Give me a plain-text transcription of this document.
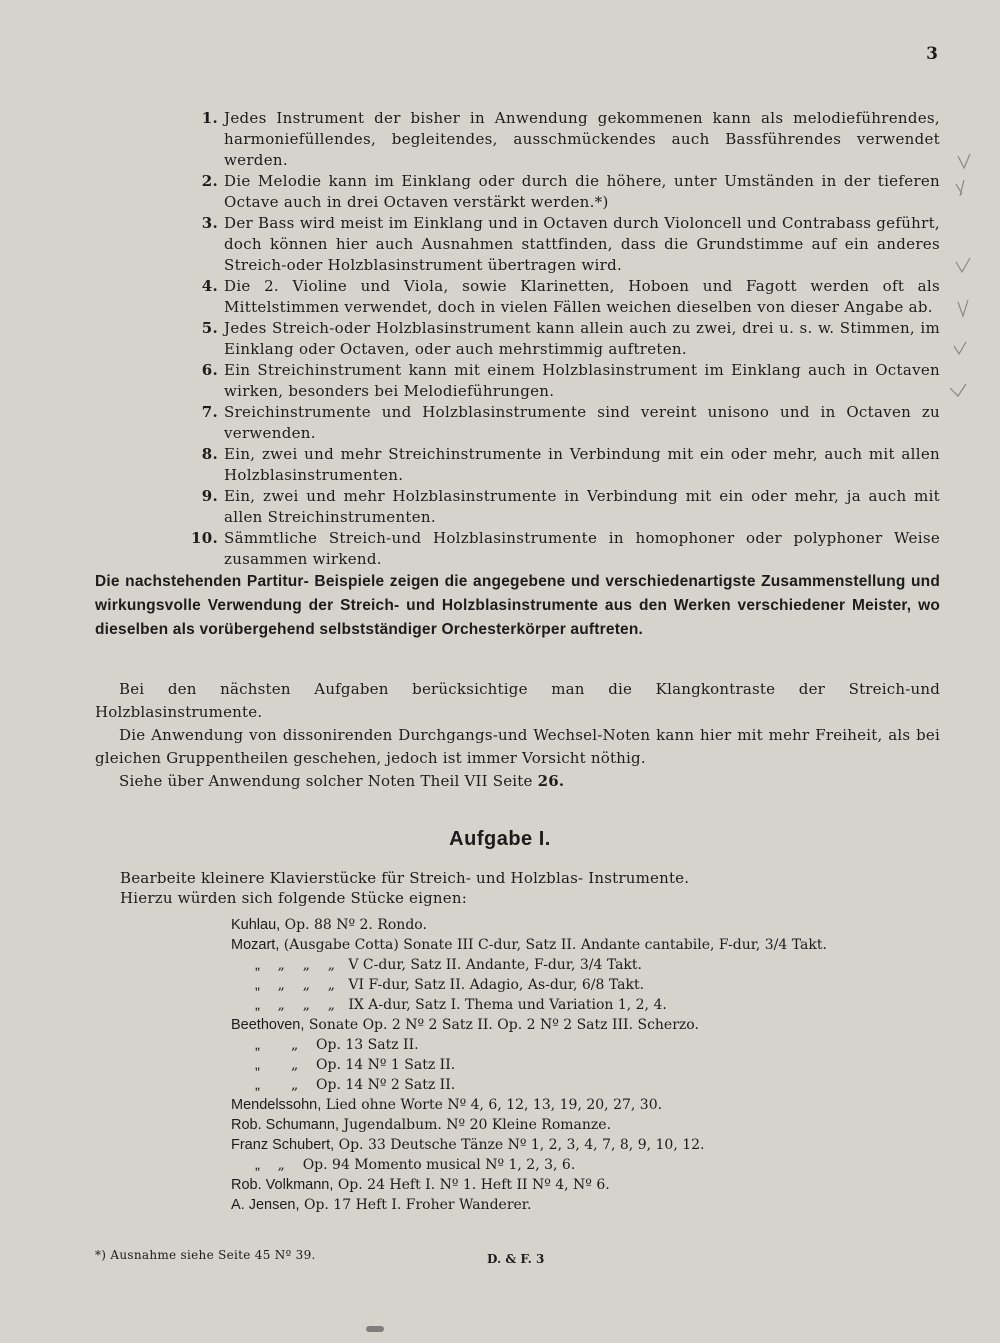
3
1. Jedes Instrument der bisher in Anwendung gekommenen kann als melodieführendes, harmoniefüllendes, begleitendes, ausschmückendes auch Bassführendes verwendet werden.
2. Die Melodie kann im Einklang oder durch die höhere, unter Umständen in der tieferen Octave auch in drei Octaven verstärkt werden.*)
3. Der Bass wird meist im Einklang und in Octaven durch Violoncell und Contrabass geführt, doch können hier auch Ausnahmen stattfinden, dass die Grundstimme auf ein anderes Streich-oder Holzblasinstrument übertragen wird.
4. Die 2. Violine und Viola, sowie Klarinetten, Hoboen und Fagott werden oft als Mittelstimmen verwendet, doch in vielen Fällen weichen dieselben von dieser Angabe ab.
5. Jedes Streich-oder Holzblasinstrument kann allein auch zu zwei, drei u. s. w. Stimmen, im Einklang oder Octaven, oder auch mehrstimmig auftreten.
6. Ein Streichinstrument kann mit einem Holzblasinstrument im Einklang auch in Octaven wirken, besonders bei Melodieführungen.
7. Sreichinstrumente und Holzblasinstrumente sind vereint unisono und in Octaven zu verwenden.
8. Ein, zwei und mehr Streichinstrumente in Verbindung mit ein oder mehr, auch mit allen Holzblasinstrumenten.
9. Ein, zwei und mehr Holzblasinstrumente in Verbindung mit ein oder mehr, ja auch mit allen Streichinstrumenten.
10. Sämmtliche Streich-und Holzblasinstrumente in homophoner oder polyphoner Weise zusammen wirkend.

Die nachstehenden Partitur- Beispiele zeigen die angegebene und verschiedenartigste Zusammenstellung und wirkungsvolle Verwendung der Streich- und Holzblasinstrumente aus den Werken verschiedener Meister, wo dieselben als vorübergehend selbstständiger Orchesterkörper auftreten.

Bei den nächsten Aufgaben berücksichtige man die Klangkontraste der Streich-und Holzblasinstrumente.

Die Anwendung von dissonirenden Durchgangs-und Wechsel-Noten kann hier mit mehr Freiheit, als bei gleichen Gruppentheilen geschehen, jedoch ist immer Vorsicht nöthig.

Siehe über Anwendung solcher Noten Theil VII Seite 26.

Aufgabe I.
Bearbeite kleinere Klavierstücke für Streich- und Holzblas- Instrumente.
Hierzu würden sich folgende Stücke eignen:
Kuhlau, Op. 88 Nº 2. Rondo.
Mozart, (Ausgabe Cotta) Sonate III C-dur, Satz II. Andante cantabile, F-dur, 3/4 Takt.
„    „    „    „   V C-dur, Satz II. Andante, F-dur, 3/4 Takt.
„    „    „    „   VI F-dur, Satz II. Adagio, As-dur, 6/8 Takt.
„    „    „    „   IX A-dur, Satz I. Thema und Variation 1, 2, 4.
Beethoven, Sonate Op. 2 Nº 2 Satz II. Op. 2 Nº 2 Satz III. Scherzo.
„       „    Op. 13 Satz II.
„       „    Op. 14 Nº 1 Satz II.
„       „    Op. 14 Nº 2 Satz II.
Mendelssohn, Lied ohne Worte Nº 4, 6, 12, 13, 19, 20, 27, 30.
Rob. Schumann, Jugendalbum. Nº 20 Kleine Romanze.
Franz Schubert, Op. 33 Deutsche Tänze Nº 1, 2, 3, 4, 7, 8, 9, 10, 12.
„    „    Op. 94 Momento musical Nº 1, 2, 3, 6.
Rob. Volkmann, Op. 24 Heft I. Nº 1. Heft II Nº 4, Nº 6.
A. Jensen, Op. 17 Heft I. Froher Wanderer.
*) Ausnahme siehe Seite 45 Nº 39.	D. & F. 3
